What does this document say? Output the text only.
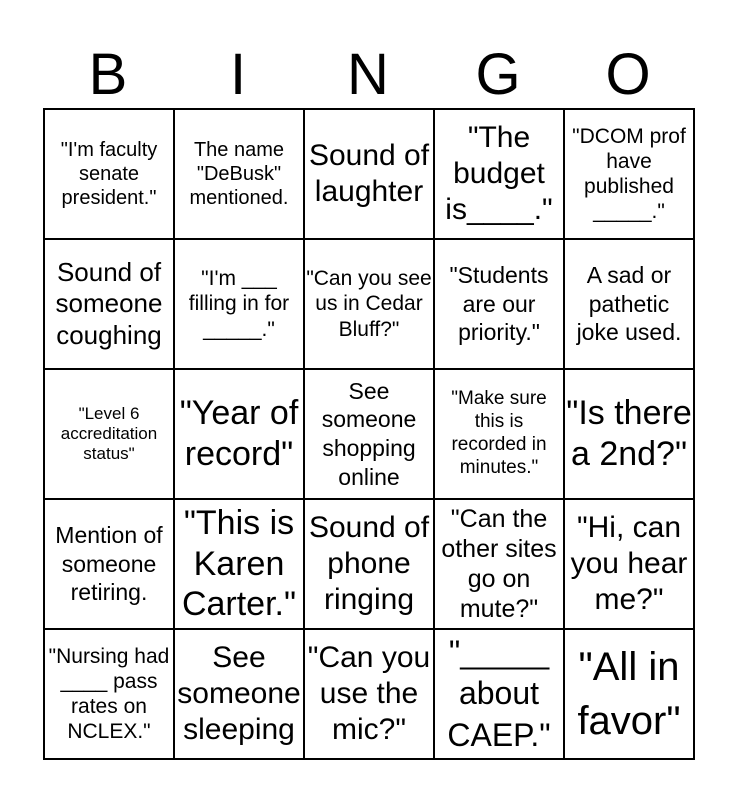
B	I	N	G	O
"I'm faculty senate president."	The name "DeBusk" mentioned.	Sound of laughter	"The budget is____."	"DCOM prof have published _____."

Sound of someone coughing	"I'm ___ filling in for _____."	"Can you see us in Cedar Bluff?"	"Students are our priority."	A sad or pathetic joke used.

"Level 6 accreditation status"	"Year of record"	See someone shopping online	"Make sure this is recorded in minutes."	"Is there a 2nd?"

Mention of someone retiring.	"This is Karen Carter."	Sound of phone ringing	"Can the other sites go on mute?"	"Hi, can you hear me?"

"Nursing had ____ pass rates on NCLEX."	See someone sleeping	"Can you use the mic?"	"_____ about CAEP."	"All in favor"
